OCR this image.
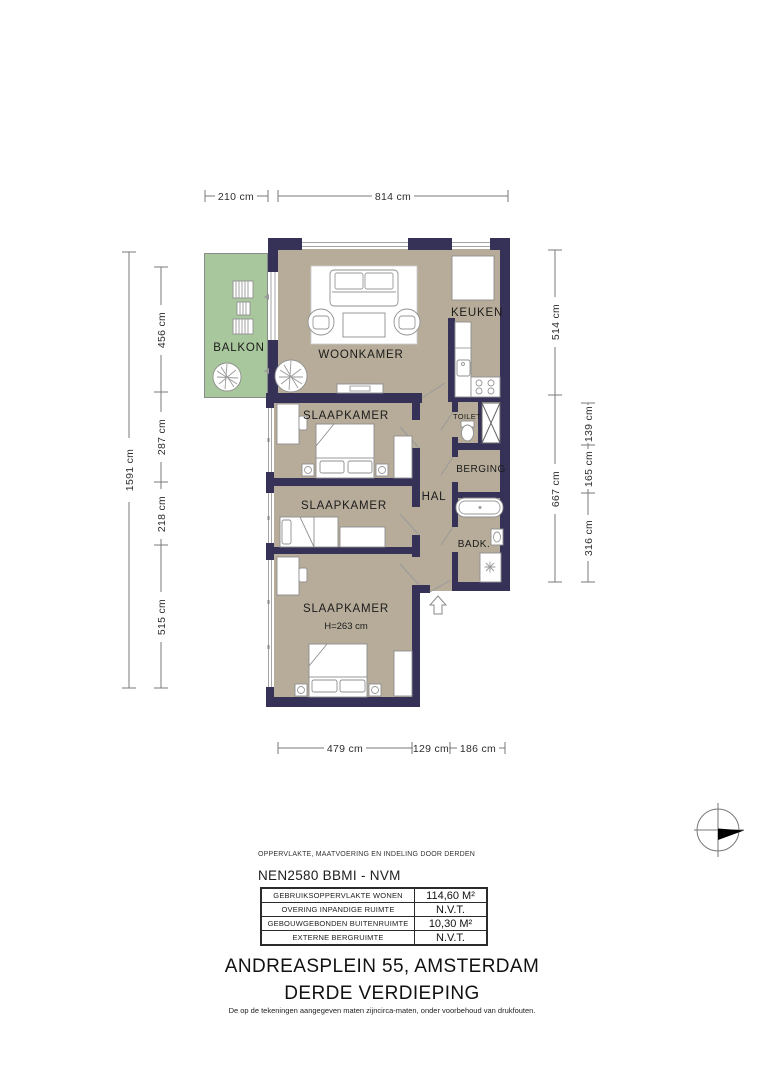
BALKON
WOONKAMER
KEUKEN
SLAAPKAMER
SLAAPKAMER
SLAAPKAMER
H=263 cm
HAL
TOILET
BERGING
BADK.
210 cm	814 cm
1591 cm
456 cm
287 cm
218 cm
515 cm
514 cm
667 cm
139 cm
165 cm
316 cm
479 cm	129 cm 186 cm
OPPERVLAKTE, MAATVOERING EN INDELING DOOR DERDEN
NEN2580 BBMI - NVM
GEBRUIKSOPPERVLAKTE WONEN	114,60 M²
OVERING INPANDIGE RUIMTE	N.V.T.
GEBOUWGEBONDEN BUITENRUIMTE	10,30 M²
EXTERNE BERGRUIMTE	N.V.T.
ANDREASPLEIN 55, AMSTERDAM
DERDE VERDIEPING
De op de tekeningen aangegeven maten zijncirca-maten, onder voorbehoud van drukfouten.
